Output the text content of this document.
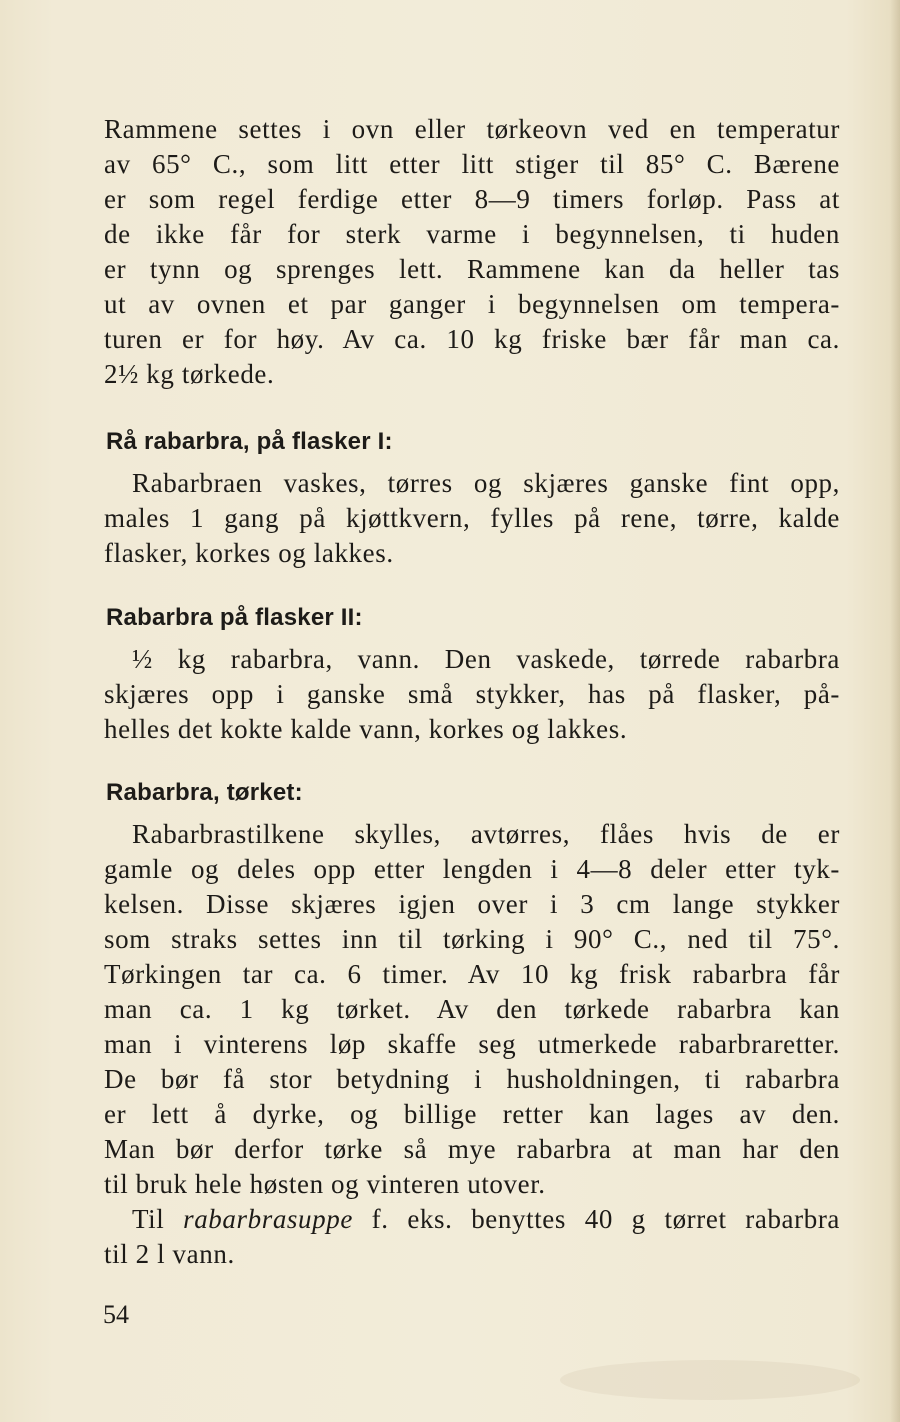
Rammene settes i ovn eller tørkeovn ved en temperatur
av 65° C., som litt etter litt stiger til 85° C. Bærene
er som regel ferdige etter 8—9 timers forløp. Pass at
de ikke får for sterk varme i begynnelsen, ti huden
er tynn og sprenges lett. Rammene kan da heller tas
ut av ovnen et par ganger i begynnelsen om tempera-
turen er for høy. Av ca. 10 kg friske bær får man ca.
2½ kg tørkede.
Rå rabarbra, på flasker I:
Rabarbraen vaskes, tørres og skjæres ganske fint opp,
males 1 gang på kjøttkvern, fylles på rene, tørre, kalde
flasker, korkes og lakkes.
Rabarbra på flasker II:
½ kg rabarbra, vann. Den vaskede, tørrede rabarbra
skjæres opp i ganske små stykker, has på flasker, på-
helles det kokte kalde vann, korkes og lakkes.
Rabarbra, tørket:
Rabarbrastilkene skylles, avtørres, flåes hvis de er
gamle og deles opp etter lengden i 4—8 deler etter tyk-
kelsen. Disse skjæres igjen over i 3 cm lange stykker
som straks settes inn til tørking i 90° C., ned til 75°.
Tørkingen tar ca. 6 timer. Av 10 kg frisk rabarbra får
man ca. 1 kg tørket. Av den tørkede rabarbra kan
man i vinterens løp skaffe seg utmerkede rabarbraretter.
De bør få stor betydning i husholdningen, ti rabarbra
er lett å dyrke, og billige retter kan lages av den.
Man bør derfor tørke så mye rabarbra at man har den
til bruk hele høsten og vinteren utover.
Til rabarbrasuppe f. eks. benyttes 40 g tørret rabarbra
til 2 l vann.
54
